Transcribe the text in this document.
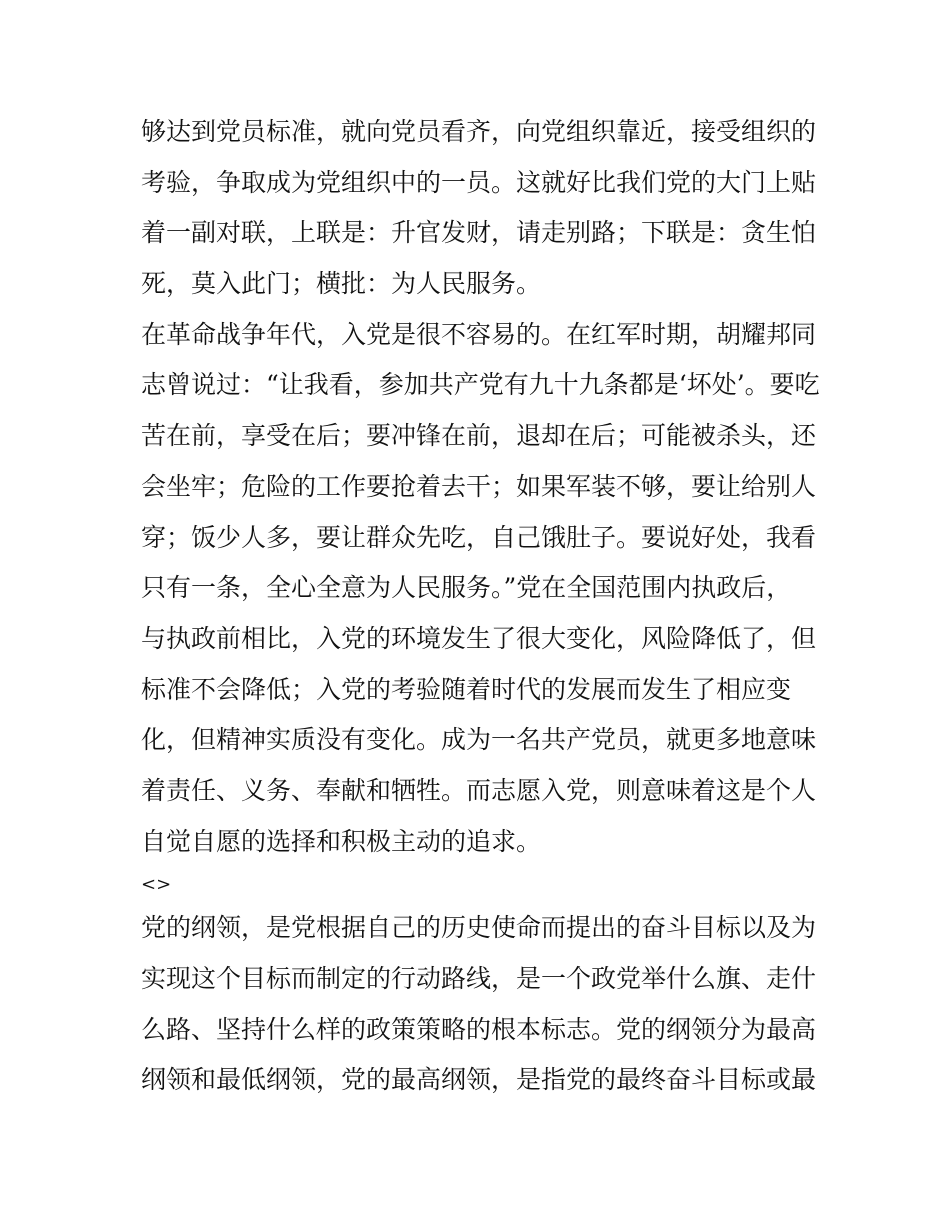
够达到党员标准，就向党员看齐，向党组织靠近，接受组织的
考验，争取成为党组织中的一员。这就好比我们党的大门上贴
着一副对联，上联是：升官发财，请走别路；下联是：贪生怕
死，莫入此门；横批：为人民服务。
在革命战争年代，入党是很不容易的。在红军时期，胡耀邦同
志曾说过：“让我看，参加共产党有九十九条都是‘坏处’。要吃
苦在前，享受在后；要冲锋在前，退却在后；可能被杀头，还
会坐牢；危险的工作要抢着去干；如果军装不够，要让给别人
穿；饭少人多，要让群众先吃，自己饿肚子。要说好处，我看
只有一条，全心全意为人民服务。”党在全国范围内执政后，
与执政前相比，入党的环境发生了很大变化，风险降低了，但
标准不会降低；入党的考验随着时代的发展而发生了相应变
化，但精神实质没有变化。成为一名共产党员，就更多地意味
着责任、义务、奉献和牺牲。而志愿入党，则意味着这是个人
自觉自愿的选择和积极主动的追求。
<>
党的纲领，是党根据自己的历史使命而提出的奋斗目标以及为
实现这个目标而制定的行动路线，是一个政党举什么旗、走什
么路、坚持什么样的政策策略的根本标志。党的纲领分为最高
纲领和最低纲领，党的最高纲领，是指党的最终奋斗目标或最
